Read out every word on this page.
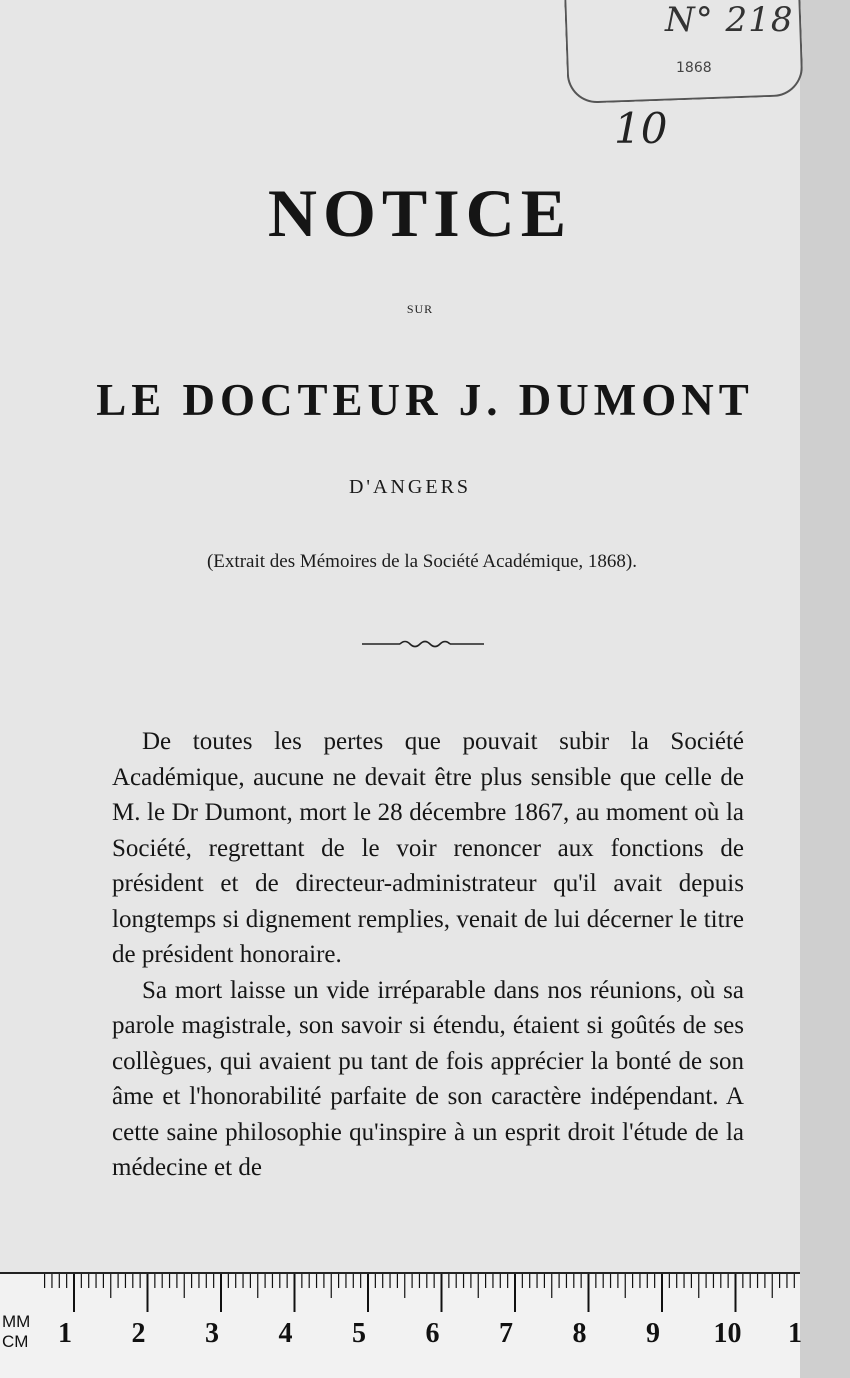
N° 218
1868
10
NOTICE
SUR
LE DOCTEUR J. DUMONT
D'ANGERS
(Extrait des Mémoires de la Société Académique, 1868).

De toutes les pertes que pouvait subir la Société Académique, aucune ne devait être plus sensible que celle de M. le Dr Dumont, mort le 28 décembre 1867, au moment où la Société, regrettant de le voir renoncer aux fonctions de président et de directeur-administrateur qu'il avait depuis longtemps si dignement remplies, venait de lui décerner le titre de président honoraire.

Sa mort laisse un vide irréparable dans nos réunions, où sa parole magistrale, son savoir si étendu, étaient si goûtés de ses collègues, qui avaient pu tant de fois apprécier la bonté de son âme et l'honorabilité parfaite de son caractère indépendant. A cette saine philosophie qu'inspire à un esprit droit l'étude de la médecine et de

MM
CM 1 2 3 4 5 6 7 8 9 10 1
